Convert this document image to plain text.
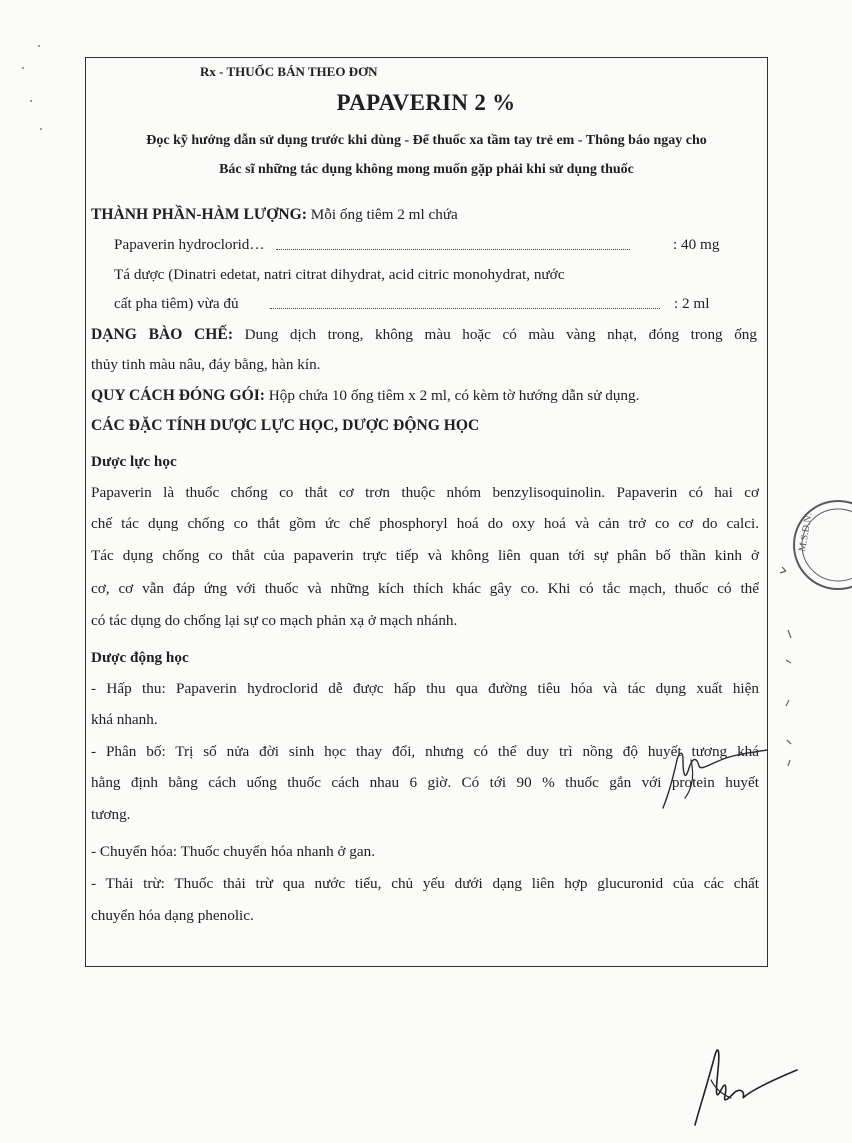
Rx - THUỐC BÁN THEO ĐƠN
PAPAVERIN 2 %
Đọc kỹ hướng dẫn sử dụng trước khi dùng - Để thuốc xa tầm tay trẻ em - Thông báo ngay cho
Bác sĩ những tác dụng không mong muốn gặp phải khi sử dụng thuốc
THÀNH PHẦN-HÀM LƯỢNG: Mỗi ống tiêm 2 ml chứa
Papaverin hydroclorid…	: 40 mg
Tá dược (Dinatri edetat, natri citrat dihydrat, acid citric monohydrat, nước
cất pha tiêm) vừa đủ	: 2 ml
DẠNG BÀO CHẾ: Dung dịch trong, không màu hoặc có màu vàng nhạt, đóng trong ống
thủy tinh màu nâu, đáy bằng, hàn kín.
QUY CÁCH ĐÓNG GÓI: Hộp chứa 10 ống tiêm x 2 ml, có kèm tờ hướng dẫn sử dụng.
CÁC ĐẶC TÍNH DƯỢC LỰC HỌC, DƯỢC ĐỘNG HỌC
Dược lực học
Papaverin là thuốc chống co thắt cơ trơn thuộc nhóm benzylisoquinolin. Papaverin có hai cơ
chế tác dụng chống co thắt gồm ức chế phosphoryl hoá do oxy hoá và cản trở co cơ do calci.
Tác dụng chống co thắt của papaverin trực tiếp và không liên quan tới sự phân bố thần kinh ở
cơ, cơ vẫn đáp ứng với thuốc và những kích thích khác gây co. Khi có tắc mạch, thuốc có thể
có tác dụng do chống lại sự co mạch phản xạ ở mạch nhánh.
Dược động học
- Hấp thu: Papaverin hydroclorid dễ được hấp thu qua đường tiêu hóa và tác dụng xuất hiện
khá nhanh.
- Phân bố: Trị số nửa đời sinh học thay đổi, nhưng có thể duy trì nồng độ huyết tương khá
hằng định bằng cách uống thuốc cách nhau 6 giờ. Có tới 90 % thuốc gắn với protein huyết
tương.
- Chuyển hóa: Thuốc chuyển hóa nhanh ở gan.
- Thải trừ: Thuốc thải trừ qua nước tiểu, chủ yếu dưới dạng liên hợp glucuronid của các chất
chuyển hóa dạng phenolic.
M.S.D.N.
